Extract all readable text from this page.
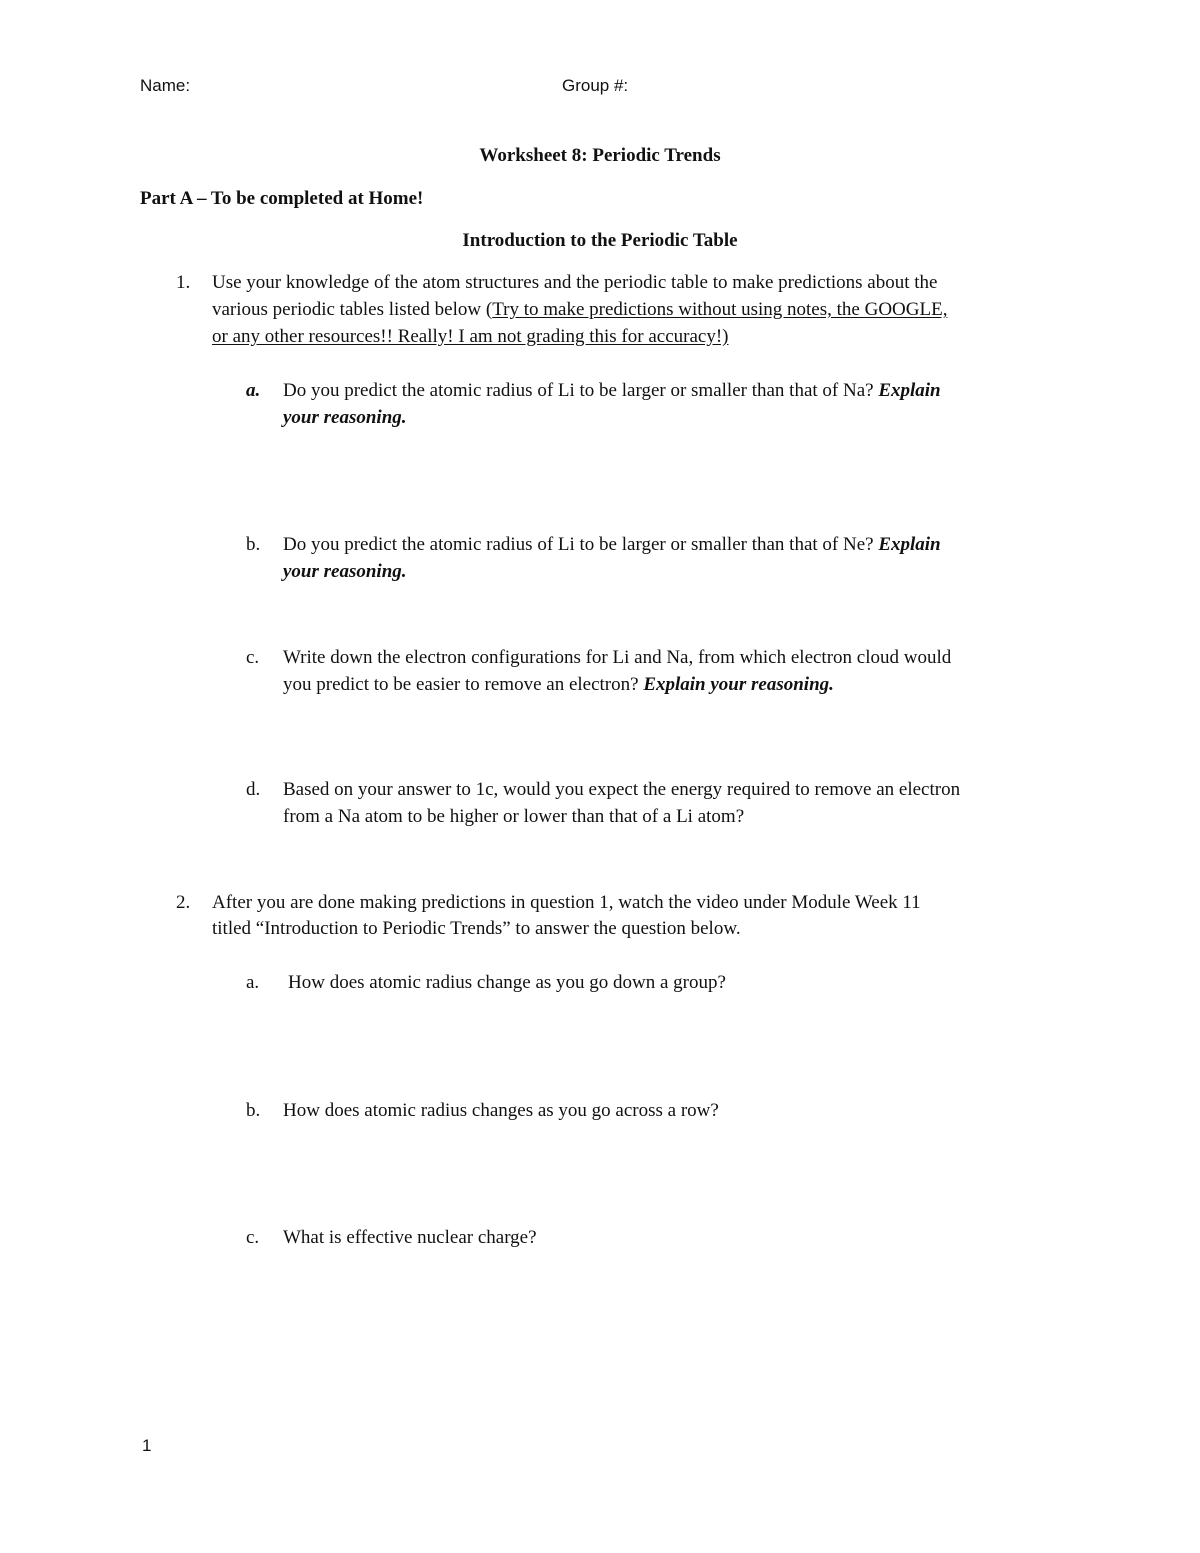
Name:	Group #:
Worksheet 8: Periodic Trends
Part A – To be completed at Home!
Introduction to the Periodic Table
1. Use your knowledge of the atom structures and the periodic table to make predictions about the
various periodic tables listed below (Try to make predictions without using notes, the GOOGLE,
or any other resources!! Really! I am not grading this for accuracy!)
a. Do you predict the atomic radius of Li to be larger or smaller than that of Na? Explain
your reasoning.
b. Do you predict the atomic radius of Li to be larger or smaller than that of Ne? Explain
your reasoning.
c. Write down the electron configurations for Li and Na, from which electron cloud would
you predict to be easier to remove an electron? Explain your reasoning.
d. Based on your answer to 1c, would you expect the energy required to remove an electron
from a Na atom to be higher or lower than that of a Li atom?
2. After you are done making predictions in question 1, watch the video under Module Week 11
titled “Introduction to Periodic Trends” to answer the question below.
a. How does atomic radius change as you go down a group?
b. How does atomic radius changes as you go across a row?
c. What is effective nuclear charge?
1
